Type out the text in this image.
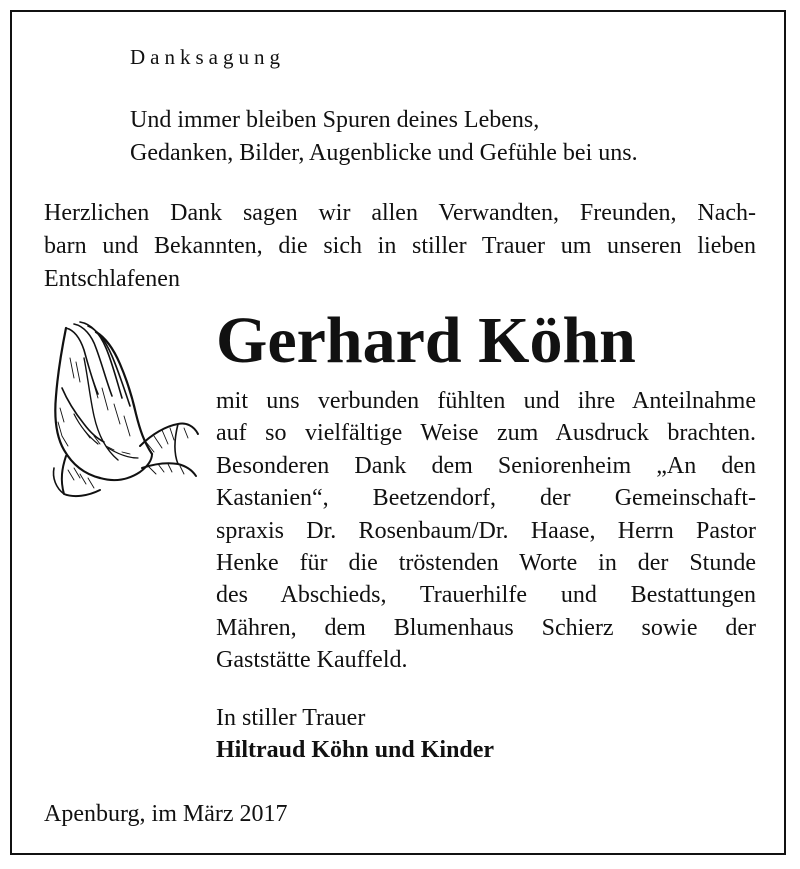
Danksagung
Und immer bleiben Spuren deines Lebens,
Gedanken, Bilder, Augenblicke und Gefühle bei uns.
Herzlichen Dank sagen wir allen Verwandten, Freunden, Nach-
barn und Bekannten, die sich in stiller Trauer um unseren lieben
Entschlafenen
Gerhard Köhn
mit uns verbunden fühlten und ihre Anteilnahme
auf so vielfältige Weise zum Ausdruck brachten.
Besonderen Dank dem Seniorenheim „An den
Kastanien“, Beetzendorf, der Gemeinschaft-
spraxis Dr. Rosenbaum/Dr. Haase, Herrn Pastor
Henke für die tröstenden Worte in der Stunde
des Abschieds, Trauerhilfe und Bestattungen
Mähren, dem Blumenhaus Schierz sowie der
Gaststätte Kauffeld.
In stiller Trauer
Hiltraud Köhn und Kinder
Apenburg, im März 2017
